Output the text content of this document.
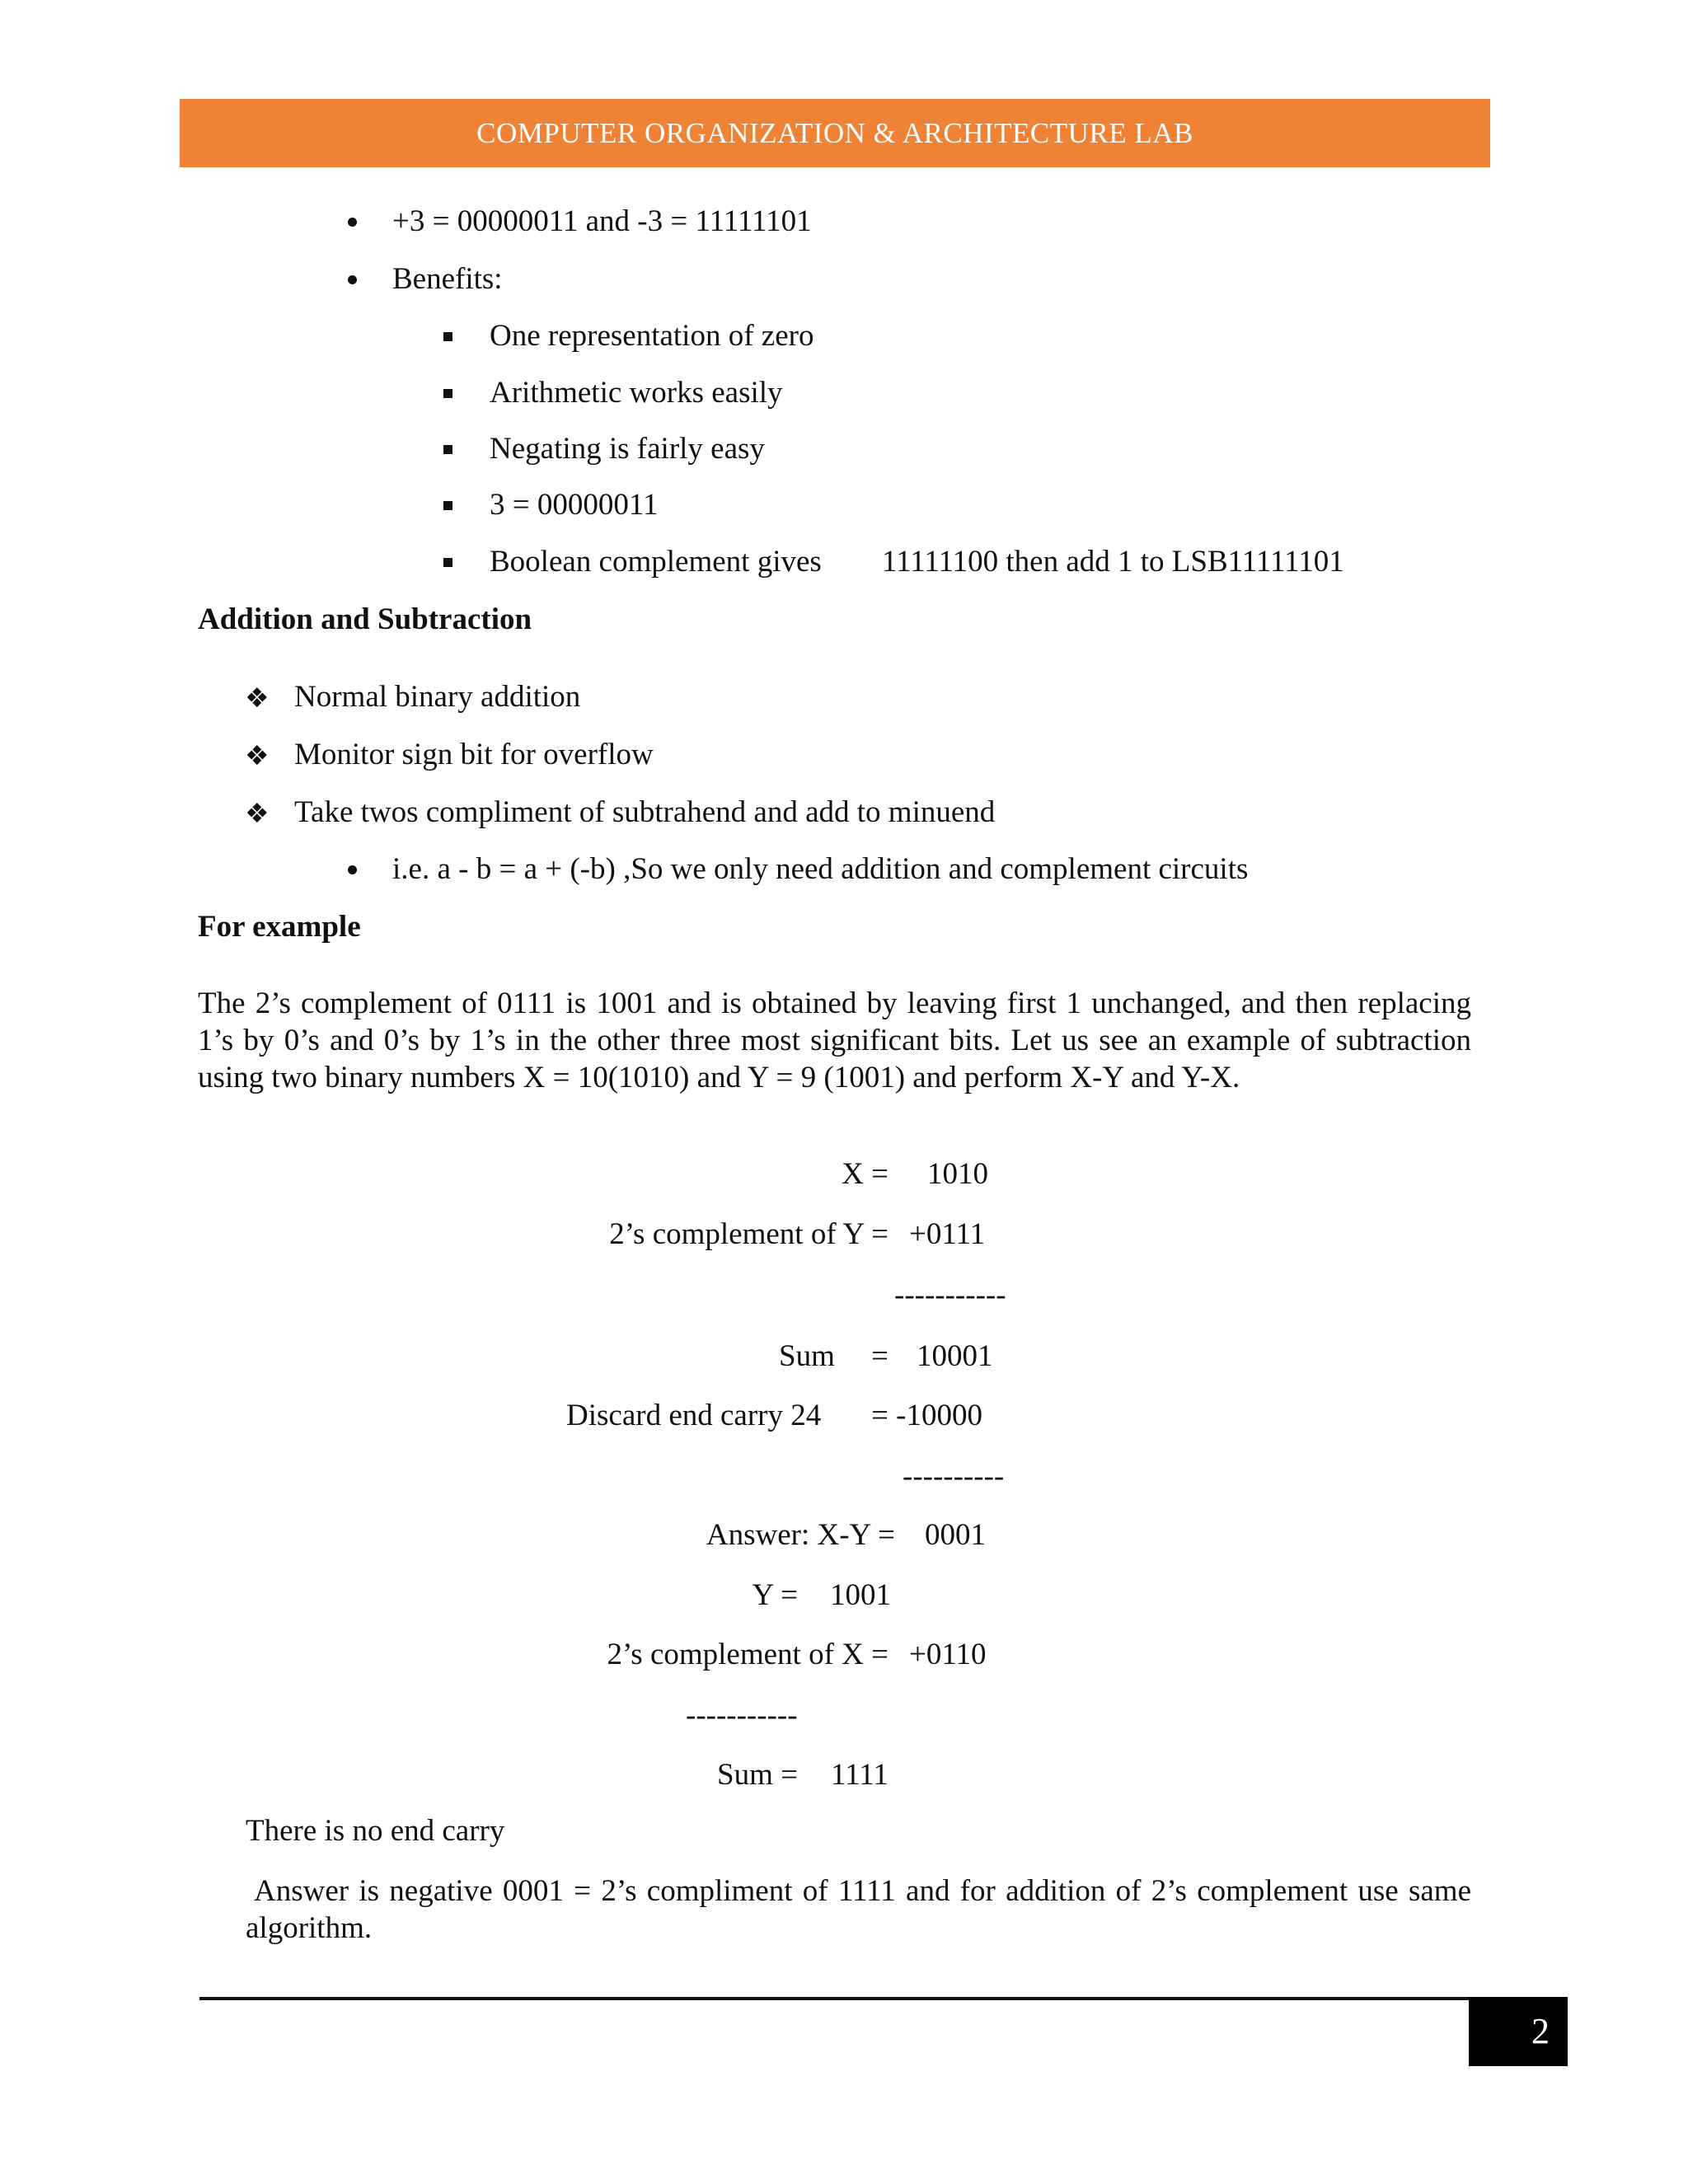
COMPUTER ORGANIZATION & ARCHITECTURE LAB
+3 = 00000011 and -3 = 11111101
Benefits:
One representation of zero
Arithmetic works easily
Negating is fairly easy
3 = 00000011
Boolean complement gives 11111100 then add 1 to LSB11111101
Addition and Subtraction
❖ Normal binary addition
❖ Monitor sign bit for overflow
❖ Take twos compliment of subtrahend and add to minuend
i.e. a - b = a + (-b) ,So we only need addition and complement circuits
For example
The 2’s complement of 0111 is 1001 and is obtained by leaving first 1 unchanged, and then replacing 1’s by 0’s and 0’s by 1’s in the other three most significant bits. Let us see an example of subtraction using two binary numbers X = 10(1010) and Y = 9 (1001) and perform X-Y and Y-X.
X = 1010
2’s complement of Y = +0111
-----------
Sum = 10001
Discard end carry 24 = -10000
----------
Answer: X-Y = 0001
Y = 1001
2’s complement of X = +0110
-----------
Sum = 1111
There is no end carry
Answer is negative 0001 = 2’s compliment of 1111 and for addition of 2’s complement use same algorithm.
2
